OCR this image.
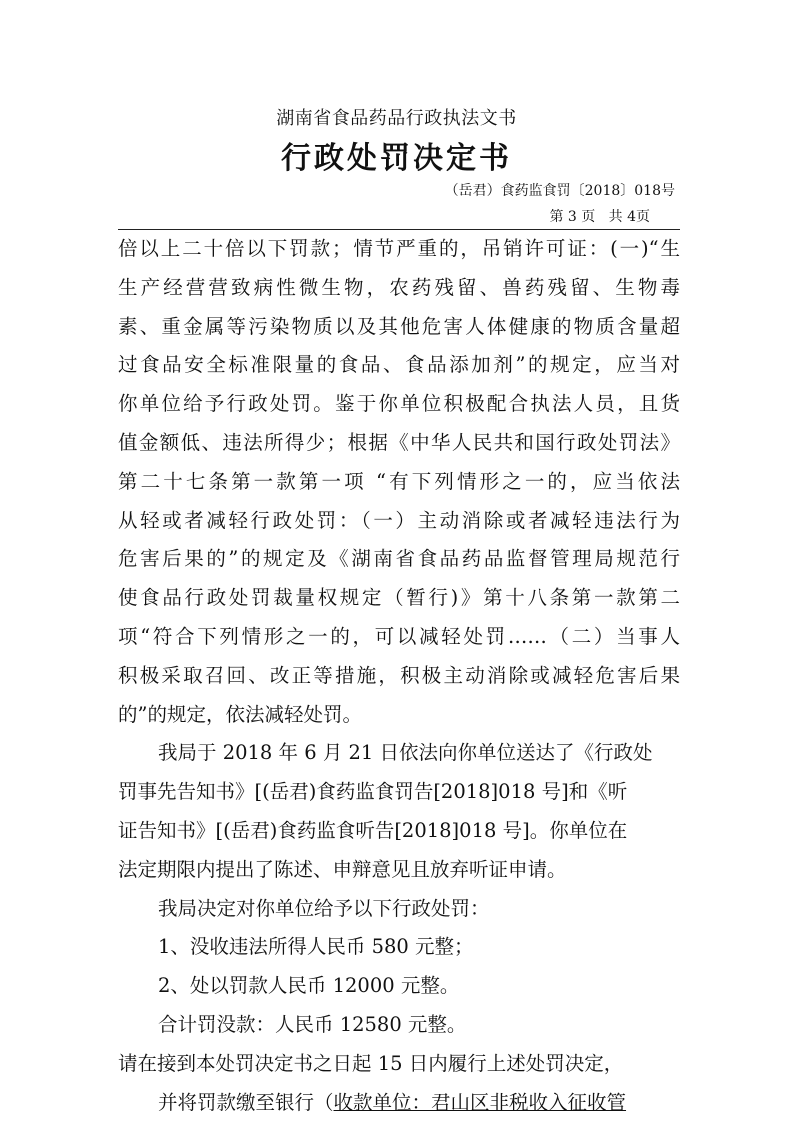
湖南省食品药品行政执法文书
行政处罚决定书
（岳君）食药监食罚〔2018〕018号
第 3 页   共 4页
倍以上二十倍以下罚款；情节严重的，吊销许可证：(一)“生
生产经营营致病性微生物，农药残留、兽药残留、生物毒
素、重金属等污染物质以及其他危害人体健康的物质含量超
过食品安全标准限量的食品、食品添加剂”的规定，应当对
你单位给予行政处罚。鉴于你单位积极配合执法人员，且货
值金额低、违法所得少；根据《中华人民共和国行政处罚法》
第二十七条第一款第一项 “有下列情形之一的，应当依法
从轻或者减轻行政处罚：（一）主动消除或者减轻违法行为
危害后果的”的规定及《湖南省食品药品监督管理局规范行
使食品行政处罚裁量权规定（暂行)》第十八条第一款第二
项“符合下列情形之一的，可以减轻处罚……（二）当事人
积极采取召回、改正等措施，积极主动消除或减轻危害后果
的”的规定，依法减轻处罚。
我局于 2018 年 6 月 21 日依法向你单位送达了《行政处
罚事先告知书》[(岳君)食药监食罚告[2018]018 号]和《听
证告知书》[(岳君)食药监食听告[2018]018 号]。你单位在
法定期限内提出了陈述、申辩意见且放弃听证申请。
我局决定对你单位给予以下行政处罚：
1、没收违法所得人民币 580 元整；
2、处以罚款人民币 12000 元整。
合计罚没款：人民币 12580 元整。
请在接到本处罚决定书之日起 15 日内履行上述处罚决定，
并将罚款缴至银行（收款单位：君山区非税收入征收管
